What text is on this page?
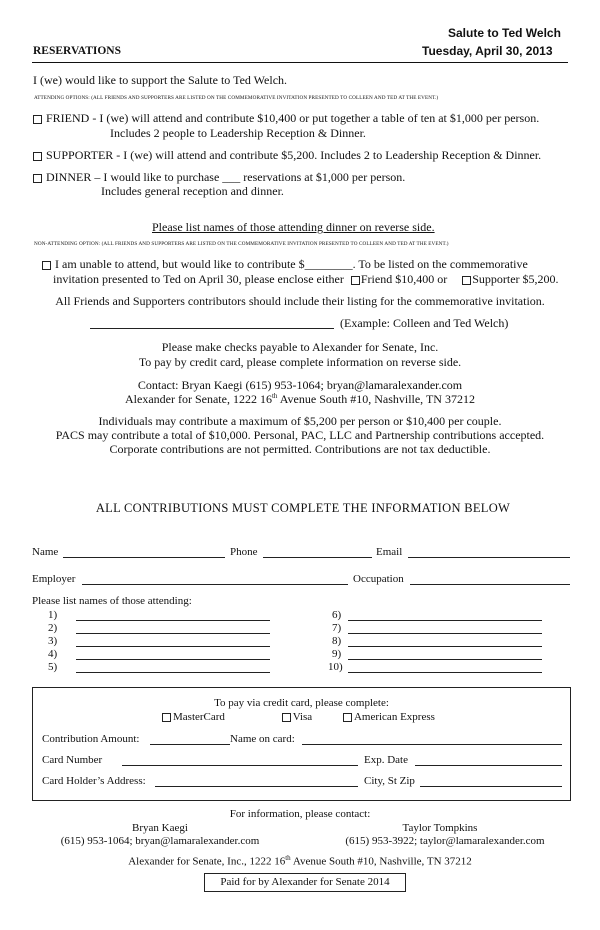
Salute to Ted Welch
Tuesday, April 30, 2013
RESERVATIONS
I (we) would like to support the Salute to Ted Welch.
ATTENDING OPTIONS: (ALL FRIENDS AND SUPPORTERS ARE LISTED ON THE COMMEMORATIVE INVITATION PRESENTED TO COLLEEN AND TED AT THE EVENT.)
FRIEND - I (we) will attend and contribute $10,400 or put together a table of ten at $1,000 per person.
Includes 2 people to Leadership Reception & Dinner.
SUPPORTER - I (we) will attend and contribute $5,200. Includes 2 to Leadership Reception & Dinner.
DINNER – I would like to purchase ___ reservations at $1,000 per person.
Includes general reception and dinner.
Please list names of those attending dinner on reverse side.
NON-ATTENDING OPTION: (ALL FRIENDS AND SUPPORTERS ARE LISTED ON THE COMMEMORATIVE INVITATION PRESENTED TO COLLEEN AND TED AT THE EVENT.)
I am unable to attend, but would like to contribute $________. To be listed on the commemorative
invitation presented to Ted on April 30, please enclose either Friend $10,400 or Supporter $5,200.
All Friends and Supporters contributors should include their listing for the commemorative invitation.
(Example: Colleen and Ted Welch)
Please make checks payable to Alexander for Senate, Inc.
To pay by credit card, please complete information on reverse side.
Contact: Bryan Kaegi (615) 953-1064; bryan@lamaralexander.com
Alexander for Senate, 1222 16th Avenue South #10, Nashville, TN 37212
Individuals may contribute a maximum of $5,200 per person or $10,400 per couple.
PACS may contribute a total of $10,000. Personal, PAC, LLC and Partnership contributions accepted.
Corporate contributions are not permitted. Contributions are not tax deductible.
ALL CONTRIBUTIONS MUST COMPLETE THE INFORMATION BELOW
Name	Phone	Email
Employer	Occupation
Please list names of those attending:
1)
2)
3)
4)
5)
6)
7)
8)
9)
10)
To pay via credit card, please complete:
MasterCard	Visa	American Express
Contribution Amount:	Name on card:
Card Number	Exp. Date
Card Holder’s Address:	City, St Zip
For information, please contact:
Bryan Kaegi
(615) 953-1064; bryan@lamaralexander.com
Taylor Tompkins
(615) 953-3922; taylor@lamaralexander.com
Alexander for Senate, Inc., 1222 16th Avenue South #10, Nashville, TN 37212
Paid for by Alexander for Senate 2014
